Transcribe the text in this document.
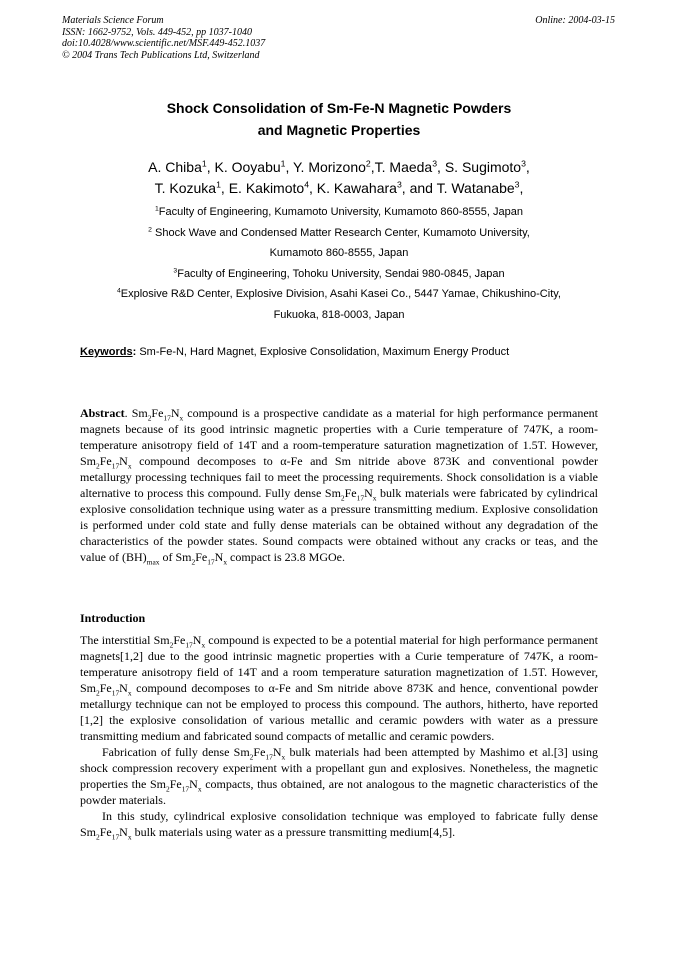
Materials Science Forum
ISSN: 1662-9752, Vols. 449-452, pp 1037-1040
doi:10.4028/www.scientific.net/MSF.449-452.1037
© 2004 Trans Tech Publications Ltd, Switzerland
Online: 2004-03-15
Shock Consolidation of Sm-Fe-N Magnetic Powders
and Magnetic Properties
A. Chiba$^1$, K. Ooyabu$^1$, Y. Morizono$^2$,T. Maeda$^3$, S. Sugimoto$^3$,
T. Kozuka$^1$, E. Kakimoto$^4$, K. Kawahara$^3$, and T. Watanabe$^3$,
$^1$Faculty of Engineering, Kumamoto University, Kumamoto 860-8555, Japan
$^2$ Shock Wave and Condensed Matter Research Center, Kumamoto University,
Kumamoto 860-8555, Japan
$^3$Faculty of Engineering, Tohoku University, Sendai 980-0845, Japan
$^4$Explosive R&D Center, Explosive Division, Asahi Kasei Co., 5447 Yamae, Chikushino-City,
Fukuoka, 818-0003, Japan
Keywords: Sm-Fe-N, Hard Magnet, Explosive Consolidation, Maximum Energy Product
Abstract. $Sm_2Fe_{17}N_x$ compound is a prospective candidate as a material for high performance permanent magnets because of its good intrinsic magnetic properties with a Curie temperature of 747K, a room-temperature anisotropy field of 14T and a room-temperature saturation magnetization of 1.5T. However, $Sm_2Fe_{17}N_x$ compound decomposes to α-Fe and Sm nitride above 873K and conventional powder metallurgy processing techniques fail to meet the processing requirements. Shock consolidation is a viable alternative to process this compound. Fully dense $Sm_2Fe_{17}N_x$ bulk materials were fabricated by cylindrical explosive consolidation technique using water as a pressure transmitting medium. Explosive consolidation is performed under cold state and fully dense materials can be obtained without any degradation of the characteristics of the powder states. Sound compacts were obtained without any cracks or teas, and the value of $(BH)_{max}$ of $Sm_2Fe_{17}N_x$ compact is 23.8 MGOe.
Introduction

The interstitial $Sm_2Fe_{17}N_x$ compound is expected to be a potential material for high performance permanent magnets[1,2] due to the good intrinsic magnetic properties with a Curie temperature of 747K, a room-temperature anisotropy field of 14T and a room temperature saturation magnetization of 1.5T. However, $Sm_2Fe_{17}N_x$ compound decomposes to α-Fe and Sm nitride above 873K and hence, conventional powder metallurgy technique can not be employed to process this compound. The authors, hitherto, have reported [1,2] the explosive consolidation of various metallic and ceramic powders with water as a pressure transmitting medium and fabricated sound compacts of metallic and ceramic powders.

Fabrication of fully dense $Sm_2Fe_{17}N_x$ bulk materials had been attempted by Mashimo et al.[3] using shock compression recovery experiment with a propellant gun and explosives. Nonetheless, the magnetic properties the $Sm_2Fe_{17}N_x$ compacts, thus obtained, are not analogous to the magnetic characteristics of the powder materials.

In this study, cylindrical explosive consolidation technique was employed to fabricate fully dense $Sm_2Fe_{17}N_x$ bulk materials using water as a pressure transmitting medium[4,5].
